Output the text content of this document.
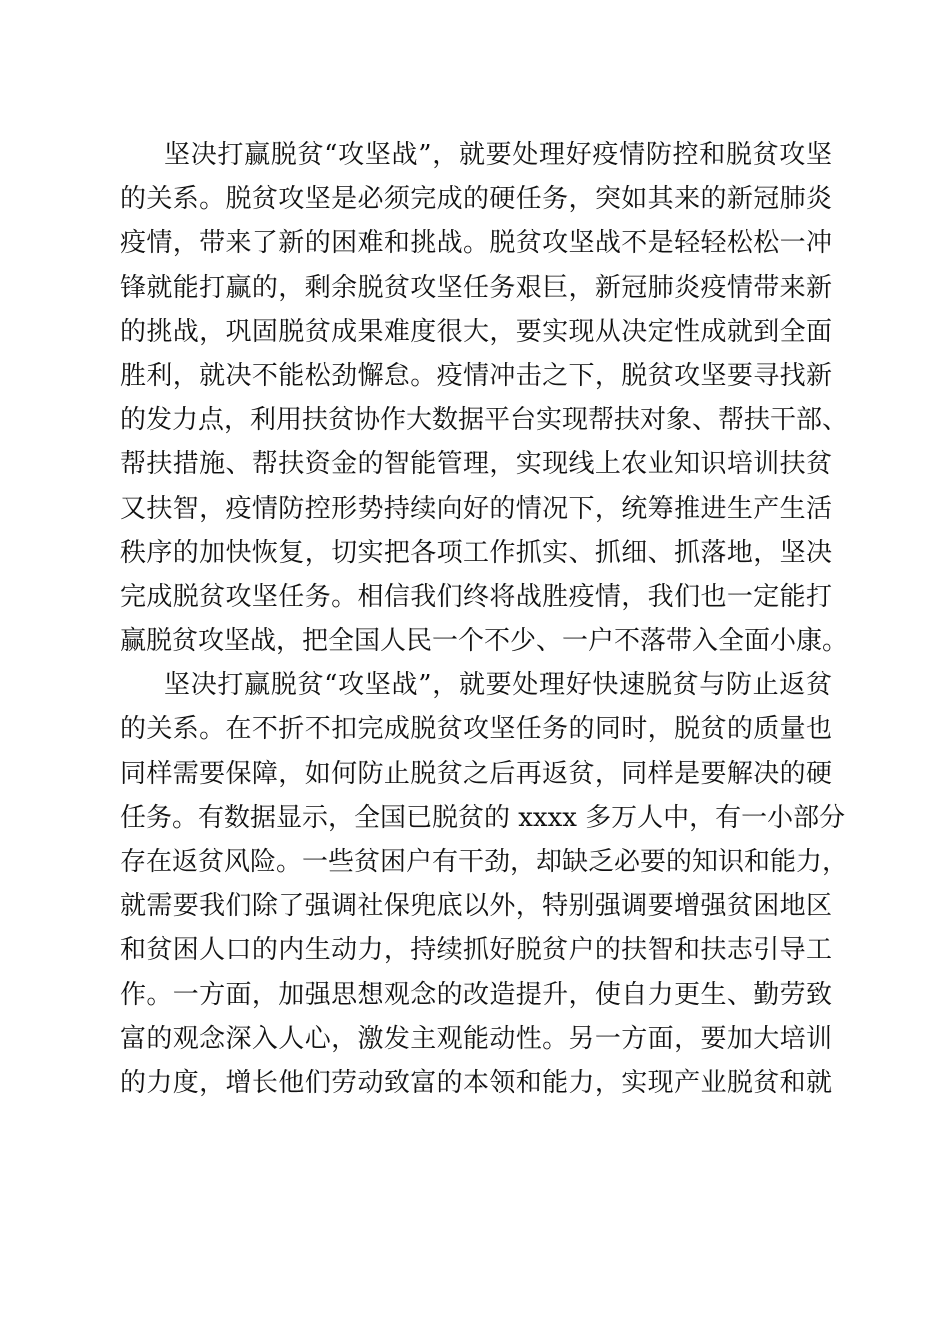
坚决打赢脱贫“攻坚战”，就要处理好疫情防控和脱贫攻坚
的关系。脱贫攻坚是必须完成的硬任务，突如其来的新冠肺炎
疫情，带来了新的困难和挑战。脱贫攻坚战不是轻轻松松一冲
锋就能打赢的，剩余脱贫攻坚任务艰巨，新冠肺炎疫情带来新
的挑战，巩固脱贫成果难度很大，要实现从决定性成就到全面
胜利，就决不能松劲懈怠。疫情冲击之下，脱贫攻坚要寻找新
的发力点，利用扶贫协作大数据平台实现帮扶对象、帮扶干部、
帮扶措施、帮扶资金的智能管理，实现线上农业知识培训扶贫
又扶智，疫情防控形势持续向好的情况下，统筹推进生产生活
秩序的加快恢复，切实把各项工作抓实、抓细、抓落地，坚决
完成脱贫攻坚任务。相信我们终将战胜疫情，我们也一定能打
赢脱贫攻坚战，把全国人民一个不少、一户不落带入全面小康。
坚决打赢脱贫“攻坚战”，就要处理好快速脱贫与防止返贫
的关系。在不折不扣完成脱贫攻坚任务的同时，脱贫的质量也
同样需要保障，如何防止脱贫之后再返贫，同样是要解决的硬
任务。有数据显示，全国已脱贫的 xxxx 多万人中，有一小部分
存在返贫风险。一些贫困户有干劲，却缺乏必要的知识和能力，
就需要我们除了强调社保兜底以外，特别强调要增强贫困地区
和贫困人口的内生动力，持续抓好脱贫户的扶智和扶志引导工
作。一方面，加强思想观念的改造提升，使自力更生、勤劳致
富的观念深入人心，激发主观能动性。另一方面，要加大培训
的力度，增长他们劳动致富的本领和能力，实现产业脱贫和就
